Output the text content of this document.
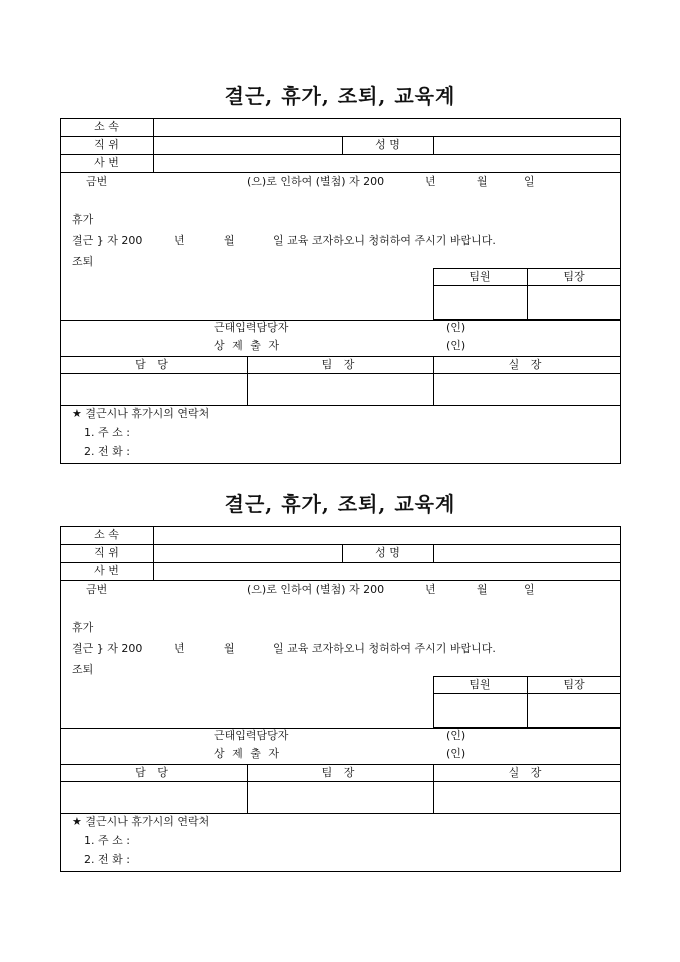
결근, 휴가, 조퇴, 교육계
소 속
직 위	성 명
사 번
금번	(으)로 인하여 (별첨) 자 200	년	월	일
휴가
결근 } 자 200	년	월	일 교육 코자하오니 청허하여 주시기 바랍니다.
조퇴
팀원	팀장
근태입력담당자	(인)
상 제 출 자	(인)
담 당	팀 장	실 장
★ 결근시나 휴가시의 연락처
1. 주 소 :
2. 전 화 :
결근, 휴가, 조퇴, 교육계
소 속
직 위	성 명
사 번
금번	(으)로 인하여 (별첨) 자 200	년	월	일
휴가
결근 } 자 200	년	월	일 교육 코자하오니 청허하여 주시기 바랍니다.
조퇴
팀원	팀장
근태입력담당자	(인)
상 제 출 자	(인)
담 당	팀 장	실 장
★ 결근시나 휴가시의 연락처
1. 주 소 :
2. 전 화 :
